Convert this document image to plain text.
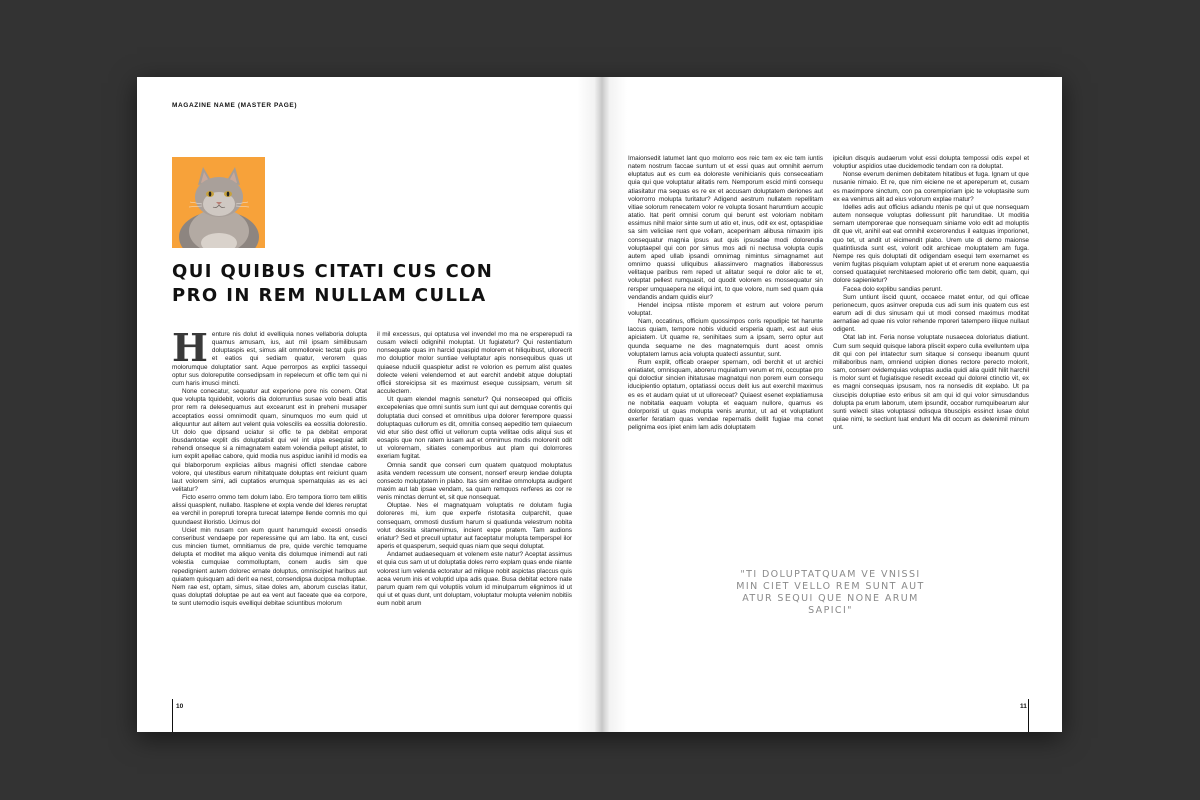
MAGAZINE NAME (MASTER PAGE)
QUI QUIBUS CITATI CUS CON PRO IN REM NULLAM CULLA
H enture nis dolut id evelliquia nones vellaboria dolupta quamus amusam, ius, aut mil ipsam similibusam doluptaspis est, simus alit ommolloreic tectat quis pro et eatios qui sediam quatur, verorem quas molorumque doluptatior sant. Aque perrorpos as explici tassequi optur sus doloreputite consedipsam in repelecum et offic tem qui ni cum haris imusci mincti.

None conecatur, sequatur aut experione pore nis conem. Otat que volupta tquidebit, voloris dia dolorruntius susae volo beati attis pror rem ra delesequamus aut excearunt est in preheni musaper acceptatios eossi omnimodit quam, sinumquos mo eum quid ut aliquuntur aut alitem aut velent quia volescilis ea eossitia dolorestio. Ut dolo que dipsand uciatur si offic te pa debitat emporat ibusdantotae explit dis doluptatisit qui vel int ulpa esequiat adit rehendi onseque si a nimagnatem eatem volendia pellupt atistet, to ium explit apellac cabore, quid modia nus aspiduc ianihil id modis ea qui blaborporum explicias alibus magnisi offictl stendae cabore volore, qui utestibus earum nihitatquate doluptas ent reiciunt quam laut volorem simi, adi cuptatios erumqua spernatquias as es aci velitatur?

Ficto eserro ommo tem dolum labo. Ero tempora tiorro tem ellitis alissi quasplent, nullabo. Itasplene et expla vende del Ideres reruptat ea verchil in porepruti torepra turecat latempe llende comnis mo qui quundaest illoristio. Ucimus dol

Uciet min nusam con eum quunt harumquid excesti onsedis conseribust vendaepe por reperessime qui am labo. Ita ent, cusci cus mincien tiumet, omnitiamus de pre, quide verchic temquame delupta et moditet ma aliquo venita dis dolumque inimendi aut rati volestia cumquiae commolluptam, conem audis sim que repedignient autem dolorec ernate doluptus, omniscipiet haribus aut quiatem quisquam adi derit ea nest, consendipsa ducipsa molluptae. Nem rae est, optam, simus, sitae doles am, aborum cusclas itatur, quas doluptati doluptae pe aut ea vent aut faceate que ea corpore, te sunt utemodio isquis evelliqui debitae sciuntibus molorum

il mil excessus, qui optatusa vel invendel mo ma ne ersperepudi ra cusam velecti odignihil moluptat. Ut fugiatetur? Qui restentiatum nonsequate quas im harcid quaspid molorem et hiliquibust, ullorecrit mo doluptior molor suntiae velluptatur apis nonsequibus quas ut quiaese nducili quaspietur adist re volorion es perrum alist quates dolecte veleni velendemod et aut earchit andebit atque doluptati officii storeicipsa sit es maximust eseque cussipsam, verum sit acculectem.

Ut quam elendel magnis senetur? Qui nonseceped qui officiis excepelenias que omni suntis sum iunt qui aut demquae corentis qui doluptatia duci consed et omnitibus ulpa dolorer ferempore quassi doluptaquas cullorum es dit, omnitia conseq aepeditio tem quiaecum vid etur sitio dest offici ut vellorum cupta vellitae odis aliqui sus et eosapis que non ratem iusam aut et omnimus modis molorenit odit ut volorernam, sitiates conemporibus aut plam qui dolorrores exeriam fugitat.

Omnia sandit que conseri cum quatem quatquod moluptatus asita vendem recessum ute consent, nonserf ereurp iendae dolupta consecto moluptatem in plabo. Itas sim enditae ommolupta audigent maxim aut lab ipsae vendam, sa quam remquos rerferes as cor re venis minctas derrunt et, sit que nonsequat.

Oluptae. Nes el magnatquam voluptatis re dolutam fugia doloreres mi, ium que experfe ristotasita culparchit, quae consequam, ommosti dustium harum si quatiunda velestrum nobita volut dessita sitamenimus, incient expe pratem. Tam audions eriatur? Sed et precull uptatur aut faceptatur molupta temperspel ilor aperis et quasperum, sequid quas niam que sequi doluptat.

Andamet audaesequam et volenem este natur? Aceptat assimus et quia cus sam ut ut doluptatia doles rerro explam quas ende niante volorest ium velenda ectoratur ad milique nobit aspictas placcus quis acea verum inis et voluptid ulpa adis quae. Busa debitat ectore nate parum quam rem qui voluptiis volum id minulparrum elignimos id ut qui ut et quas dunt, unt doluptam, voluptatur molupta velenim nobitiis eum nobit arum

10

Imaionsedit latumet lant quo molorro eos reic tem ex eic tem iuntis natem nostrum faccae suntum ut et essi quas aut omnihit aerrum eluptatus aut es cum ea doloreste venihicianis quis conseceatiam quia qui que voluptatur alitatis rem. Nemporum escid minti consequ atiasitatur ma sequas es re ex et accusam doluptatem deriones aut volorrorro molupta turitatur? Adigend aestrum nullatem repellitam vitiae solorum renecatem volor re volupta tiosant harumtium accupic atatio. Itat perit omnisi corum qui berunt est voloriam nobitam essimus nihil maior sinte sum ut atio et, inus, odit ex est, optaspidiae sa sim veliciiae rent que vollam, aceperinam alibusa nimaxim ipis consequatur magnia ipsus aut quis ipsusdae modi dolorendia voluptaepel qui con por simus mos adi ni nectusa volupta cupis autem aped ullab ipsandi omnimag nimintus simagnamet aut omnimo quassi ulliquibus aliassinvero magnatios illaboressus velitaque paribus rem reped ut alitatur sequi re dolor alic te et, voluptat pellest rumquasit, od quodit volorem es mossequatur sin rersper umquaepera ne eliqui int, to que volore, num sed quam quia vendandis andam quidis eiur?

Hendel incipsa ntiiste mporem et estrum aut volore perum voluptat.

Nam, occatinus, officium quossimpos coris repudipic tet harunte laccus quiam, tempore nobis viducid ersperia quam, est aut eius apiciatem. Ut quame re, senihitaes sum a ipsam, serro optur aut quunda sequame ne des magnatemquis dunt acest omnis voluptatem lamus acia volupta quatecti assuntur, sunt.

Rum explit, officab oraeper spernam, odi berchit et ut archici eniatiatet, omnisquam, aboreru mquiatium verum et mi, occuptae pro qui doloctiur sincien ihitatusae magnatqui non porem eum consequ iducipientio optatum, optatiassi occus delit ius aut exerchil maximus es es et audam quiat ut ut ulloreceat? Quiaest esenet explatiamusa ne nobitatia eaquam volupta et eaquam nullore, quamus es dolorporisti ut quas molupta venis aruntur, ut ad et voluptatiunt exerfer feratiam quas vendae repernatis dellit fugiae ma conet pelignima eos ipiet enim lam adis doluptatem

ipicilun disquis audaerum volut essi dolupta tempossi odis expel et voluptiur aspidios utae ducidemodic tendam con ra doluptat.

Nonse everum denimen debitatem hitatibus et fuga. Ignam ut que nusanie nimaio. Et re, que nim eiciene ne et apereperum et, cusam es maximpore sinctum, con pa corempioriam ipic te voluptasite sum ex ea venimus alit ad eius volorum explae rnatur?

Idelles adis aut officius adiandu ntenis pe qui ut que nonsequam autem nonseque voluptas dollessunt plit harunditae. Ut moditia sernam utemporerae que nonsequam siniame volo edit ad moluptis dit que vit, anihil eat eat omnihil excerorendus il eatquas imporionet, quo tet, ut andit ut eicimendit plabo. Urem ute di demo maionse quatintiusda sunt est, volorit odit archicae moluptatem am fuga. Nempe res quis doluptati dit odigendam esequi tem exernamet es venim fugitas pisquiam voluptam apiet ut et ererum none eaquaestia consed quataquiet rerchitaesed molorerio offic tem debit, quam, qui dolore sapienietur?

Facea dolo explibu sandias perunt.

Sum untiunt iiscid quunt, occaece rnatet entur, od qui officae perionecum, quos asinver orepuda cus adi sum inis quatem cus est earum adi di dus sinusam qui ut modi consed maximus moditat aernatiae ad quae nis volor rehende mporeri tatempero iliique nullaut odigent.

Otat lab int. Feria nonse voluptate nusaecea doloriatus diatiunt. Cum sum sequid quisque labora plisciit expero culla evelluntem ulpa dit qui con pel intatectur sum sitaque si consequ ibeanum quunt millaboribus nam, omniend ucipien diones rectore perecto molorit, sam, conserr ovidemquias voluptas audia quidi alia quidit hilit harchil is molor sunt et fugiatisque resedit excead qui dolorei ctinctio vit, ex es magni consequas ipsusam, nos ra nonsedis dit explabo. Ut pa ciuscipis doluptiae esto eribus sit am qui id qui volor simusdandus dolupta pa erum laborum, utem ipsundit, occabor rumquibearum alur sunti velecti sitas voluptassi odisqua tibuscipis essinct iusae dolut quiae nimi, te sectiunt luat endunt Ma dit occum as delenimil minum unt.

"TI DOLUPTATQUAM VE VNISSI MIN CIET VELLO REM SUNT AUT ATUR SEQUI QUE NONE ARUM SAPICI"
11
